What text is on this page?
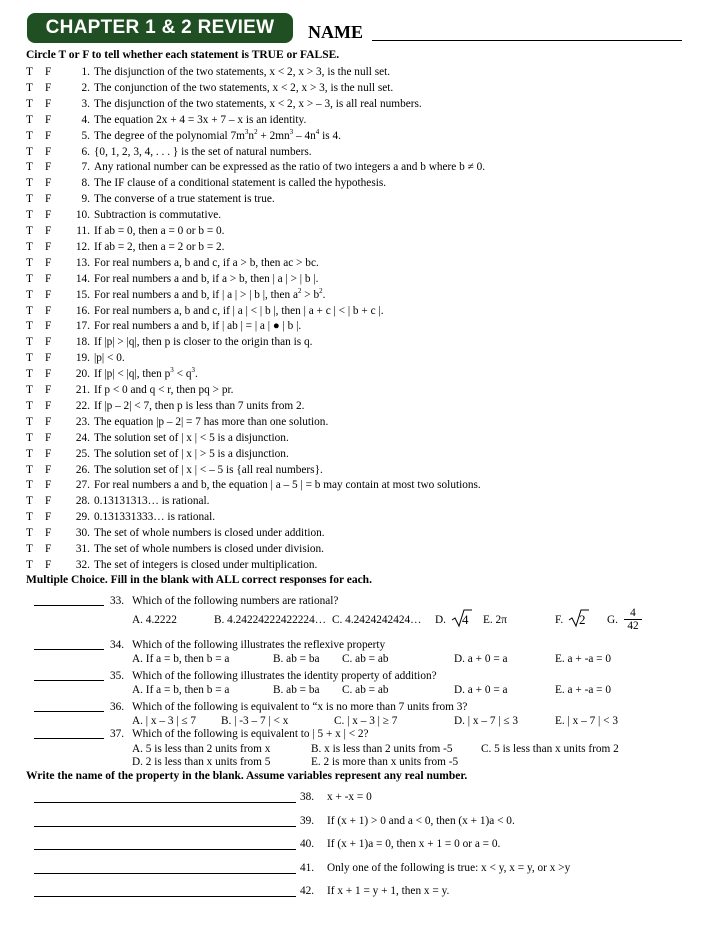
CHAPTER 1 & 2 REVIEW	NAME
Circle T or F to tell whether each statement is TRUE or FALSE.
T F	1. The disjunction of the two statements, x < 2, x > 3, is the null set.
T F	2. The conjunction of the two statements, x < 2, x > 3, is the null set.
T F	3. The disjunction of the two statements, x < 2, x > – 3, is all real numbers.
T F	4. The equation 2x + 4 = 3x + 7 – x is an identity.
T F	5. The degree of the polynomial $7m^3n^2 + 2mn^3 - 4n^4$ is 4.
T F	6. {0, 1, 2, 3, 4, . . . } is the set of natural numbers.
T F	7. Any rational number can be expressed as the ratio of two integers a and b where b ≠ 0.
T F	8. The IF clause of a conditional statement is called the hypothesis.
T F	9. The converse of a true statement is true.
T F 10. Subtraction is commutative.
T F 11. If ab = 0, then a = 0 or b = 0.
T F 12. If ab = 2, then a = 2 or b = 2.
T F 13. For real numbers a, b and c, if a > b, then ac > bc.
T F 14. For real numbers a and b, if a > b, then | a | > | b |.
T F 15. For real numbers a and b, if | a | > | b |, then $a^2 > b^2$.
T F 16. For real numbers a, b and c, if | a | < | b |, then | a + c | < | b + c |.
T F 17. For real numbers a and b, if | ab | = | a | ● | b |.
T F 18. If |p| > |q|, then p is closer to the origin than is q.
T F 19. |p| < 0.
T F 20. If |p| < |q|, then $p^3 < q^3$.
T F 21. If p < 0 and q < r, then pq > pr.
T F 22. If |p – 2| < 7, then p is less than 7 units from 2.
T F 23. The equation |p – 2| = 7 has more than one solution.
T F 24. The solution set of | x | < 5 is a disjunction.
T F 25. The solution set of | x | > 5 is a disjunction.
T F 26. The solution set of | x | < – 5 is {all real numbers}.
T F 27. For real numbers a and b, the equation | a – 5 | = b may contain at most two solutions.
T F 28. 0.13131313… is rational.
T F 29. 0.131331333… is rational.
T F 30. The set of whole numbers is closed under addition.
T F 31. The set of whole numbers is closed under division.
T F 32. The set of integers is closed under multiplication.
Multiple Choice. Fill in the blank with ALL correct responses for each.
33. Which of the following numbers are rational?
A. 4.2222	B. 4.24224222422224… C. 4.2424242424… D. 4 E. 2π	F. 2 G. $\frac{4}{42}$
34. Which of the following illustrates the reflexive property
A. If a = b, then b = a	B. ab = ba C. ab = ab	D. a + 0 = a	E. a + -a = 0
35. Which of the following illustrates the identity property of addition?
A. If a = b, then b = a	B. ab = ba C. ab = ab	D. a + 0 = a	E. a + -a = 0
36. Which of the following is equivalent to “x is no more than 7 units from 3?
A. | x – 3 | ≤ 7 B. | -3 – 7 | < x	C. | x – 3 | ≥ 7	D. | x – 7 | ≤ 3	E. | x – 7 | < 3
37. Which of the following is equivalent to | 5 + x | < 2?
A. 5 is less than 2 units from x	B. x is less than 2 units from -5	C. 5 is less than x units from 2
D. 2 is less than x units from 5	E. 2 is more than x units from -5
Write the name of the property in the blank. Assume variables represent any real number.
38. x + -x = 0
39. If (x + 1) > 0 and a < 0, then (x + 1)a < 0.
40. If (x + 1)a = 0, then x + 1 = 0 or a = 0.
41. Only one of the following is true: x < y, x = y, or x >y
42. If x + 1 = y + 1, then x = y.
